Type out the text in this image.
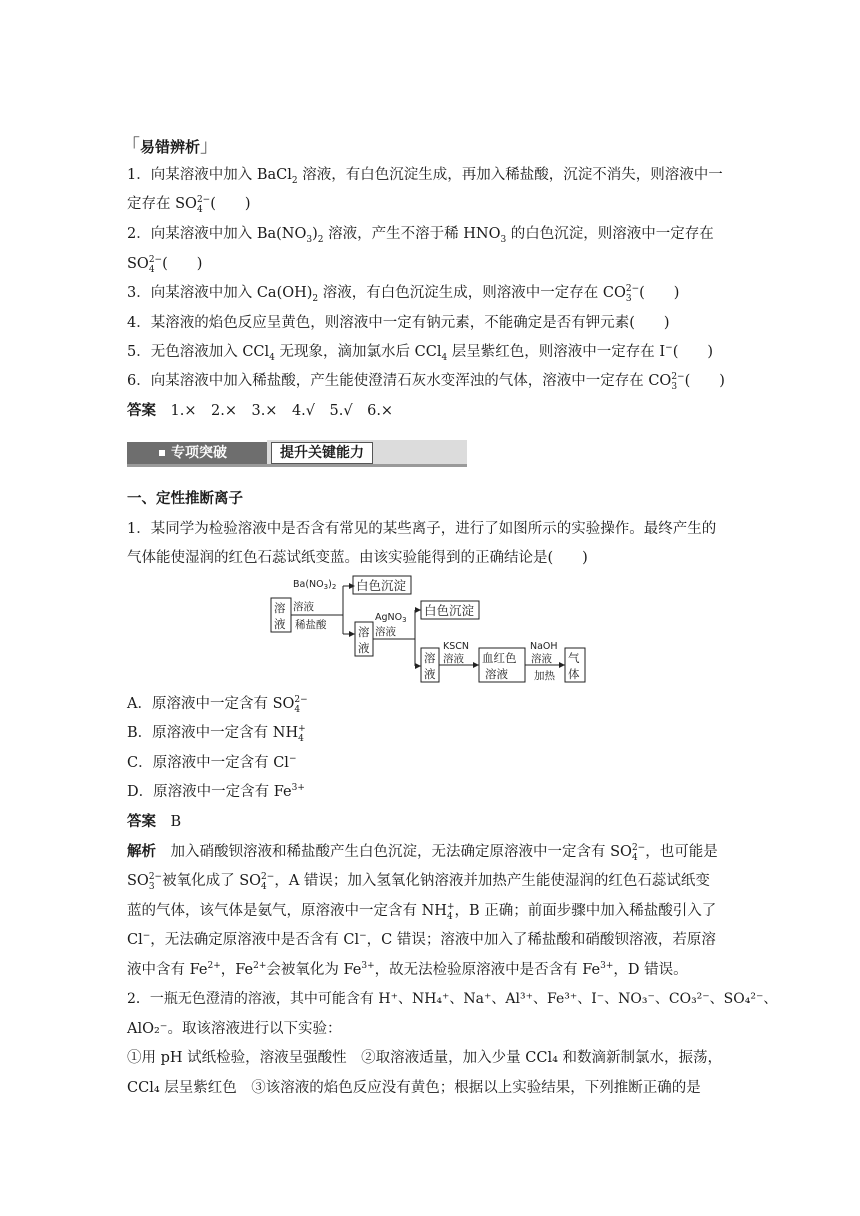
「易错辨析」
1．向某溶液中加入 BaCl$_2$ 溶液，有白色沉淀生成，再加入稀盐酸，沉淀不消失，则溶液中一
定存在 $SO^{2-}_4$ (　　)
2．向某溶液中加入 $Ba(NO_3)_2$ 溶液，产生不溶于稀 $HNO_3$ 的白色沉淀，则溶液中一定存在
$SO^{2-}_4$ (　　)
3．向某溶液中加入 $Ca(OH)_2$ 溶液，有白色沉淀生成，则溶液中一定存在 $CO^{2-}_3$ (　　)
4．某溶液的焰色反应呈黄色，则溶液中一定有钠元素，不能确定是否有钾元素(　　)
5．无色溶液加入 CCl$_4$ 无现象，滴加氯水后 CCl$_4$ 层呈紫红色，则溶液中一定存在 I−(　　)
6．向某溶液中加入稀盐酸，产生能使澄清石灰水变浑浊的气体，溶液中一定存在 $CO^{2-}_3$ (　　)
答案　 1.×　2.×　3.×　4.√　5.√　6.×
专项突破	提升关键能力
一、定性推断离子
1．某同学为检验溶液中是否含有常见的某些离子，进行了如图所示的实验操作。最终产生的
气体能使湿润的红色石蕊试纸变蓝。由该实验能得到的正确结论是(　　)
溶
液
$Ba(NO_3)_2$
溶液
稀盐酸
白色沉淀
溶
液
AgNO$_3$
溶液
白色沉淀
溶
液
KSCN
溶液 血红色
溶液
NaOH
溶液
加热
气
体
A．原溶液中一定含有 $SO^{2-}_4$
B．原溶液中一定含有 $NH^+_4$
C．原溶液中一定含有 Cl−
D．原溶液中一定含有 $Fe^{3+}$
答案　 B
解析　加入硝酸钡溶液和稀盐酸产生白色沉淀，无法确定原溶液中一定含有 $SO^{2-}_4$ ，也可能是
$SO^{2-}_3$ 被氧化成了 $SO^{2-}_4$ ，A 错误；加入氢氧化钠溶液并加热产生能使湿润的红色石蕊试纸变
蓝的气体，该气体是氨气，原溶液中一定含有 $NH^+_4$ ，B 正确；前面步骤中加入稀盐酸引入了
Cl−，无法确定原溶液中是否含有 Cl−，C 错误；溶液中加入了稀盐酸和硝酸钡溶液，若原溶
液中含有 $Fe^{2+}$，$Fe^{2+}$会被氧化为 $Fe^{3+}$，故无法检验原溶液中是否含有 $Fe^{3+}$，D 错误。
2．一瓶无色澄清的溶液，其中可能含有 H⁺、NH₄⁺、Na⁺、Al³⁺、Fe³⁺、I⁻、NO₃⁻、CO₃²⁻、SO₄²⁻、
AlO₂⁻。取该溶液进行以下实验：
①用 pH 试纸检验，溶液呈强酸性　②取溶液适量，加入少量 CCl₄ 和数滴新制氯水，振荡，
CCl₄ 层呈紫红色　③该溶液的焰色反应没有黄色；根据以上实验结果，下列推断正确的是
